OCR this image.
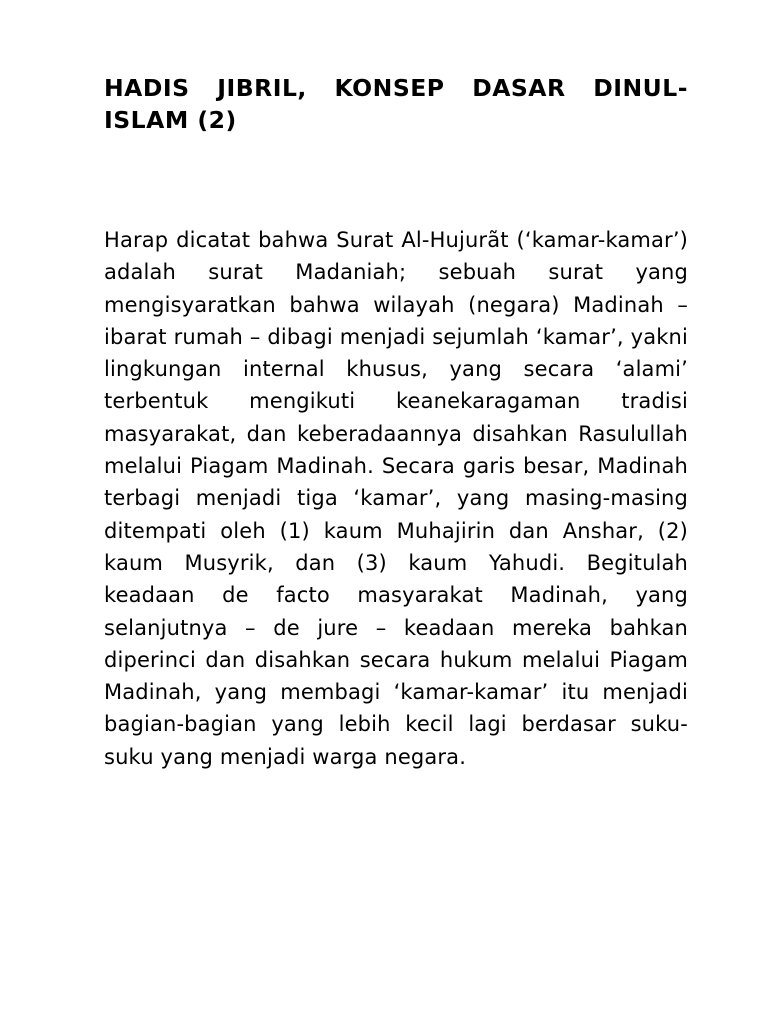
HADIS JIBRIL, KONSEP DASAR DINUL-ISLAM (2)

Harap dicatat bahwa Surat Al-Hujurãt (‘kamar-kamar’) adalah surat Madaniah; sebuah surat yang mengisyaratkan bahwa wilayah (negara) Madinah – ibarat rumah – dibagi menjadi sejumlah ‘kamar’, yakni lingkungan internal khusus, yang secara ‘alami’ terbentuk mengikuti keanekaragaman tradisi masyarakat, dan keberadaannya disahkan Rasulullah melalui Piagam Madinah. Secara garis besar, Madinah terbagi menjadi tiga ‘kamar’, yang masing-masing ditempati oleh (1) kaum Muhajirin dan Anshar, (2) kaum Musyrik, dan (3) kaum Yahudi. Begitulah keadaan de facto masyarakat Madinah, yang selanjutnya – de jure – keadaan mereka bahkan diperinci dan disahkan secara hukum melalui Piagam Madinah, yang membagi ‘kamar-kamar’ itu menjadi bagian-bagian yang lebih kecil lagi berdasar suku-suku yang menjadi warga negara.
